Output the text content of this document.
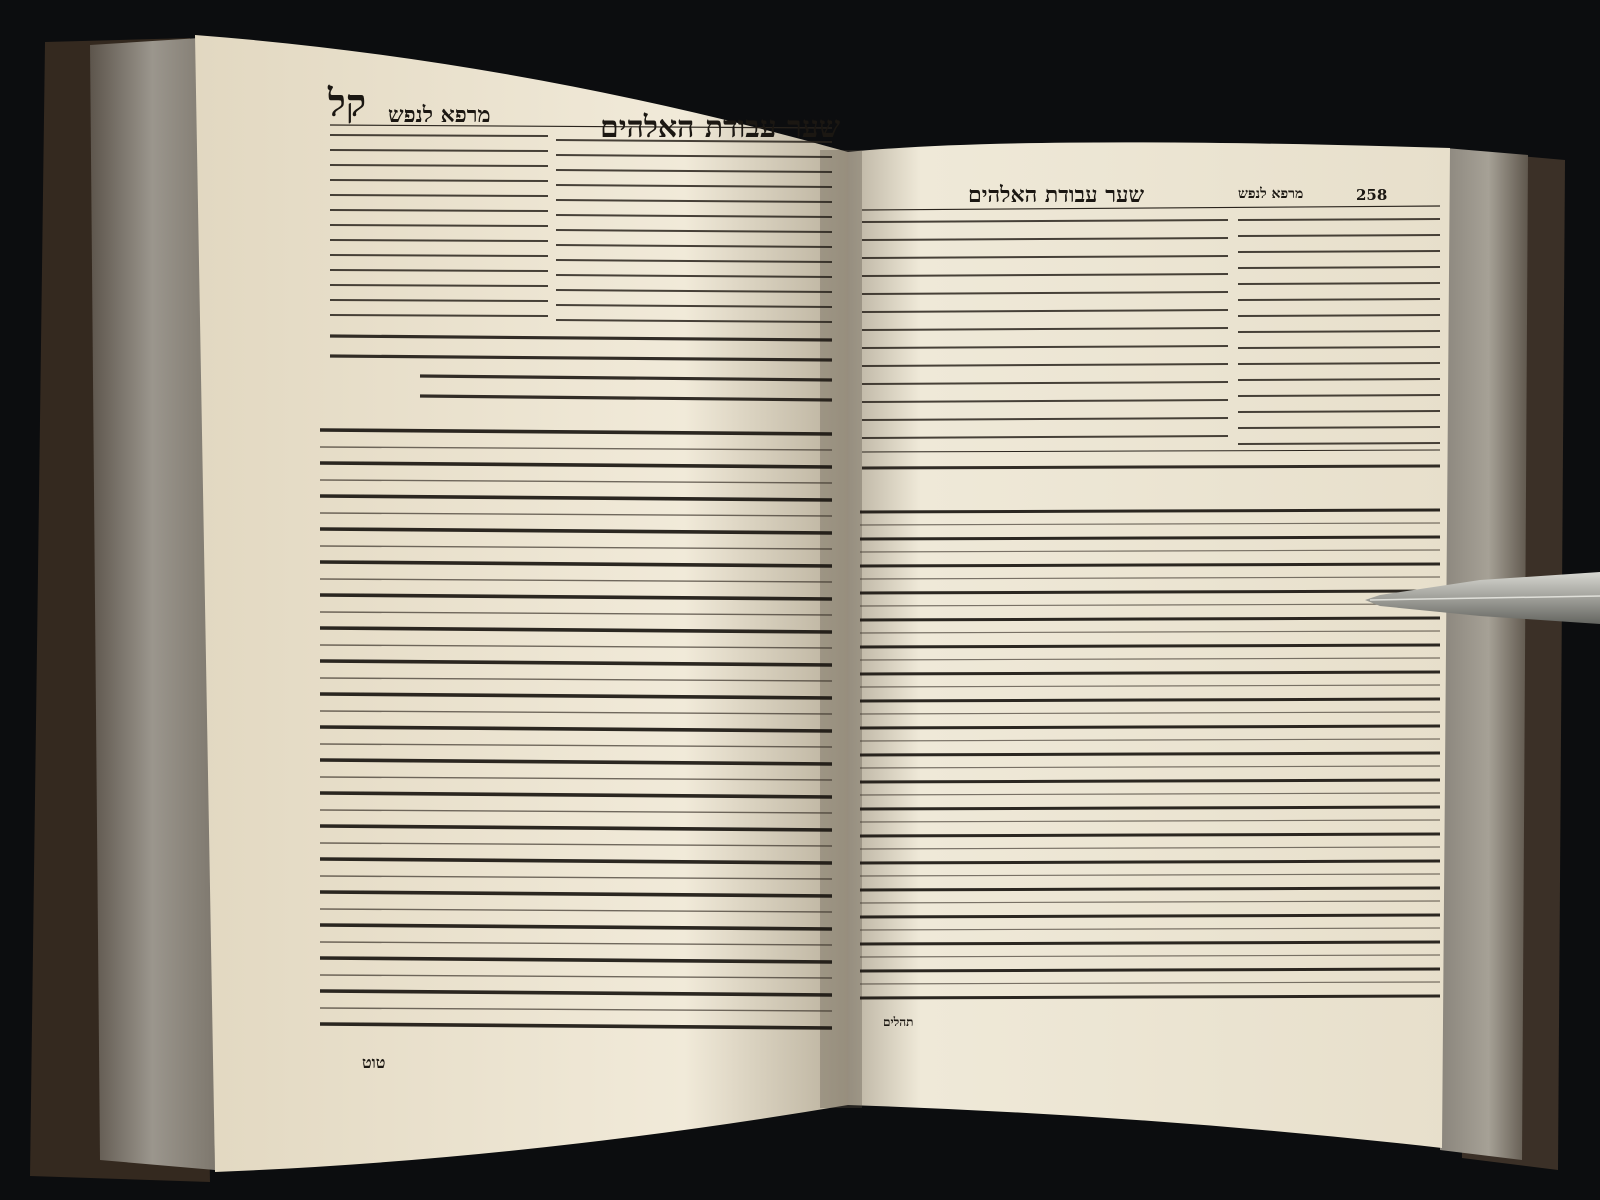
קל מרפא לנפש	שער עבודת האלהים
258
מרפא לנפש
שער עבודת האלהים
טוט
תהלים
